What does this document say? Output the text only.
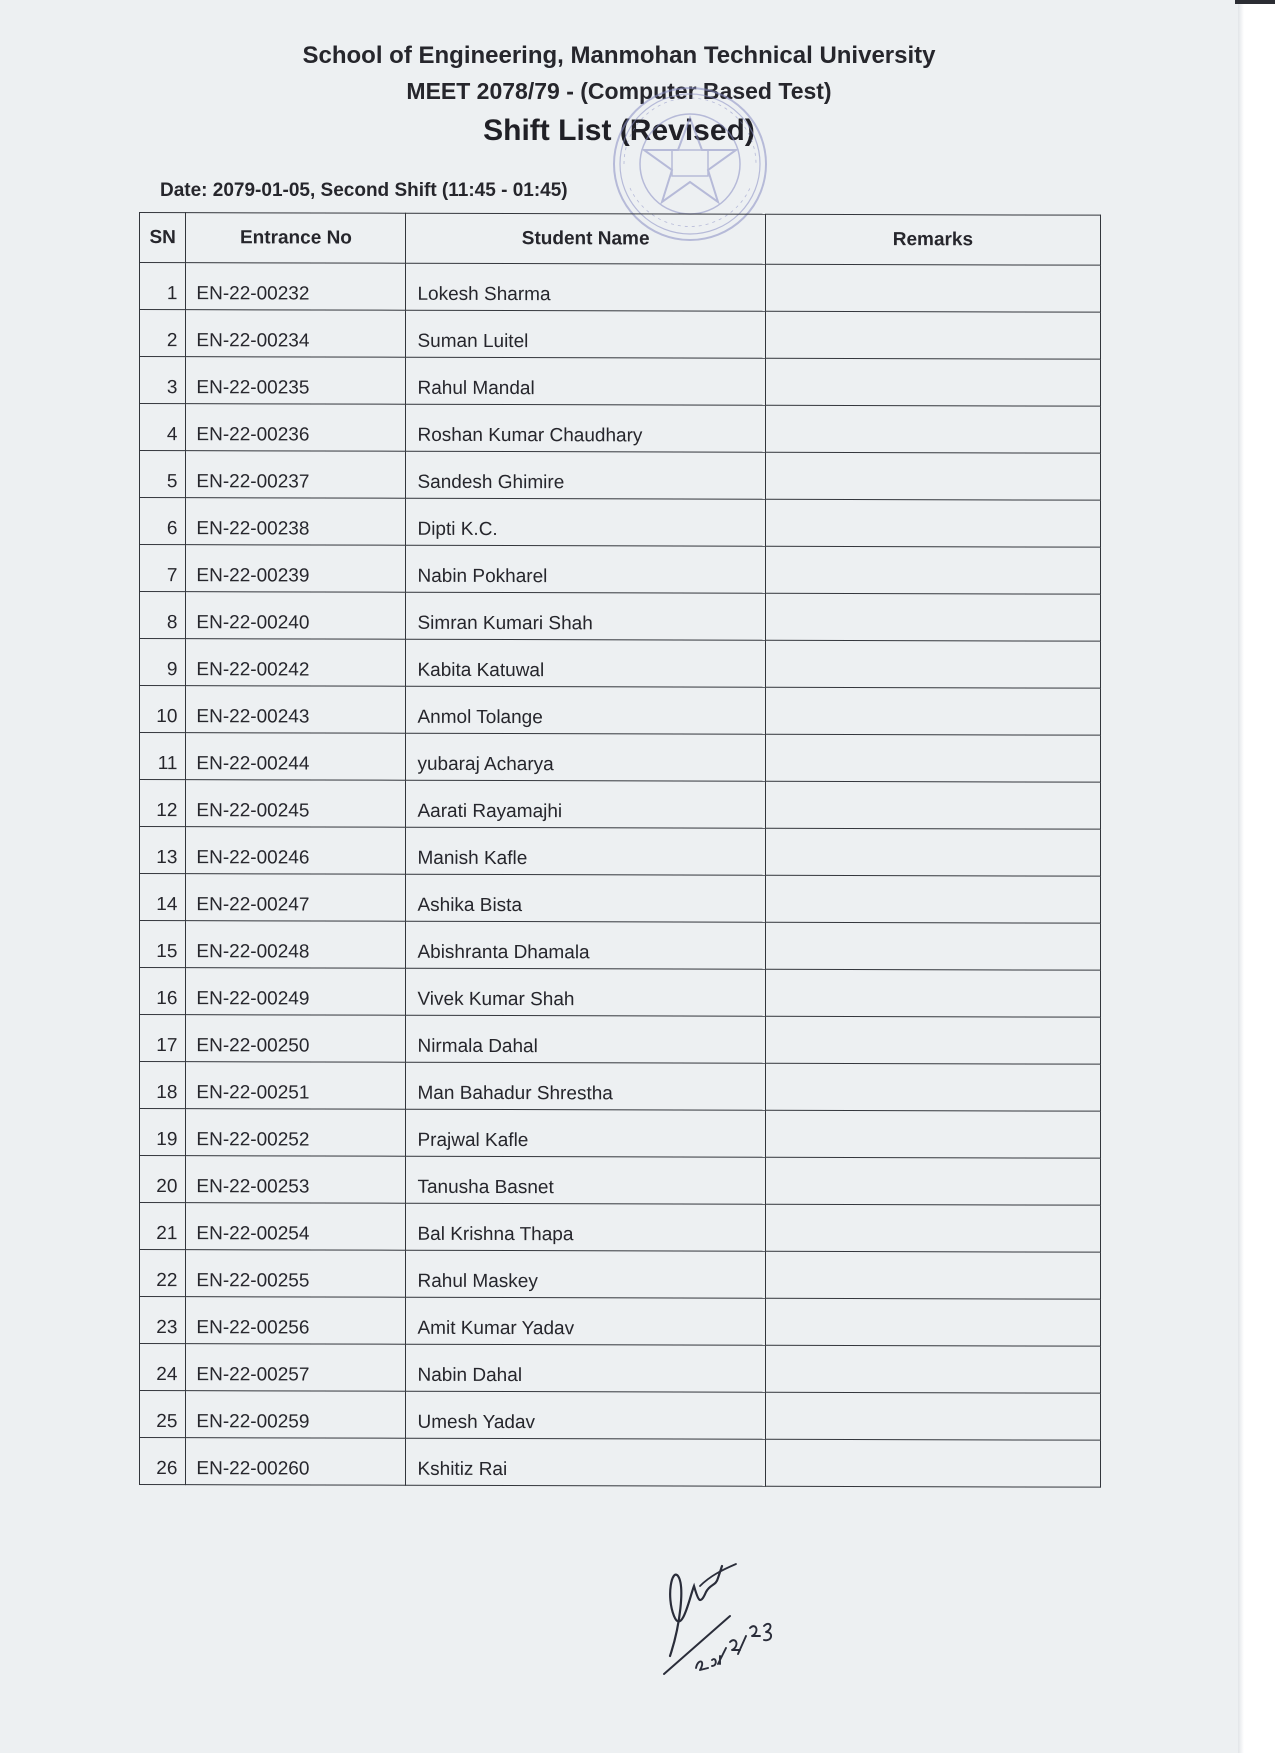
School of Engineering, Manmohan Technical University
MEET 2078/79 - (Computer Based Test)
Shift List (Revised)
Date: 2079-01-05, Second Shift (11:45 - 01:45)
SN	Entrance No	Student Name	Remarks
1	EN-22-00232	Lokesh Sharma	
2	EN-22-00234	Suman Luitel	
3	EN-22-00235	Rahul Mandal	
4	EN-22-00236	Roshan Kumar Chaudhary	
5	EN-22-00237	Sandesh Ghimire	
6	EN-22-00238	Dipti K.C.	
7	EN-22-00239	Nabin Pokharel	
8	EN-22-00240	Simran Kumari Shah	
9	EN-22-00242	Kabita Katuwal	
10	EN-22-00243	Anmol Tolange	
11	EN-22-00244	yubaraj Acharya	
12	EN-22-00245	Aarati Rayamajhi	
13	EN-22-00246	Manish Kafle	
14	EN-22-00247	Ashika Bista	
15	EN-22-00248	Abishranta Dhamala	
16	EN-22-00249	Vivek Kumar Shah	
17	EN-22-00250	Nirmala Dahal	
18	EN-22-00251	Man Bahadur Shrestha	
19	EN-22-00252	Prajwal Kafle	
20	EN-22-00253	Tanusha Basnet	
21	EN-22-00254	Bal Krishna Thapa	
22	EN-22-00255	Rahul Maskey	
23	EN-22-00256	Amit Kumar Yadav	
24	EN-22-00257	Nabin Dahal	
25	EN-22-00259	Umesh Yadav	
26	EN-22-00260	Kshitiz Rai	
